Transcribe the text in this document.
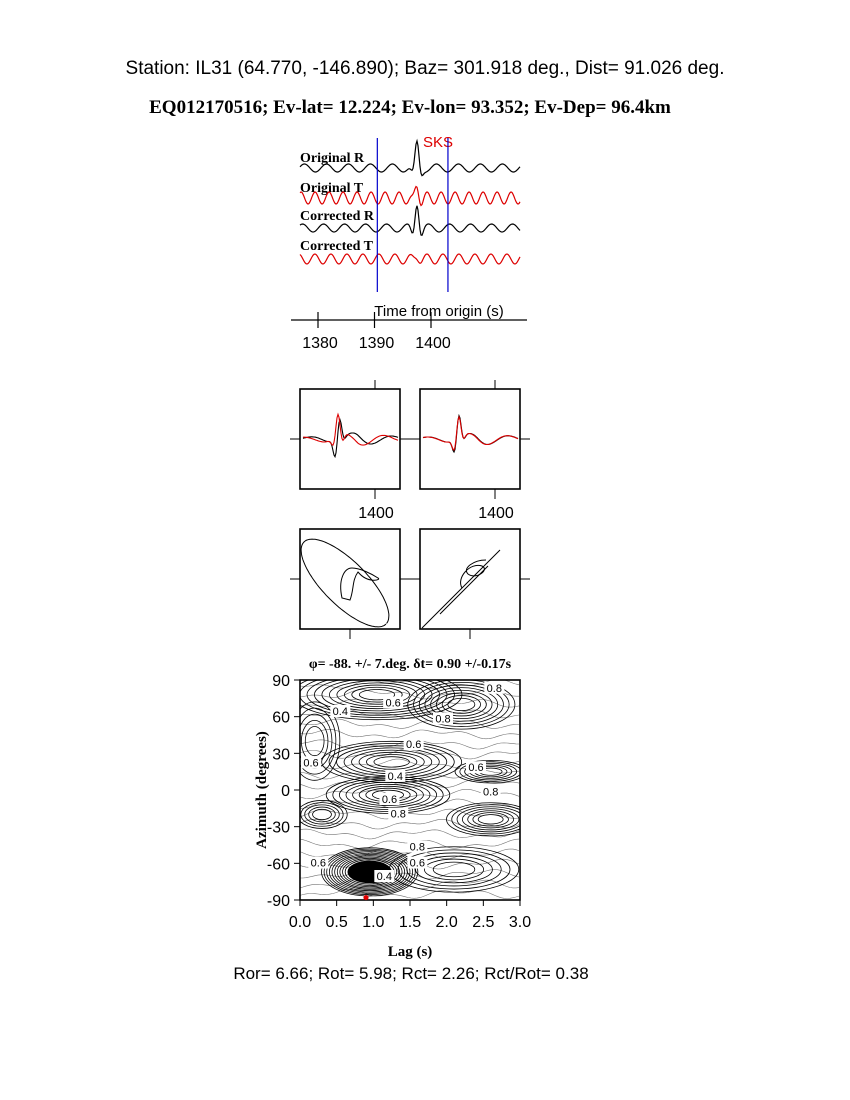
Station: IL31 (64.770, -146.890); Baz= 301.918 deg., Dist= 91.026 deg.
EQ012170516; Ev-lat= 12.224; Ev-lon= 93.352; Ev-Dep= 96.4km
SKS
Original R
Original T
Corrected R
Corrected T
Time from origin (s)
1380 1390 1400
1400	1400
φ= -88. +/- 7.deg. δt= 0.90 +/-0.17s
0.4
0.6
0.8
0.8
0.6
0.6
0.4
0.6
0.8
0.6
0.8
0.8
0.6	0.6
0.4
0.0 0.5 1.0 1.5 2.0 2.5 3.0
90
60
30
0
-30
-60
-90
Lag (s)
Azimuth (degrees)
Ror= 6.66; Rot= 5.98; Rct= 2.26; Rct/Rot= 0.38
